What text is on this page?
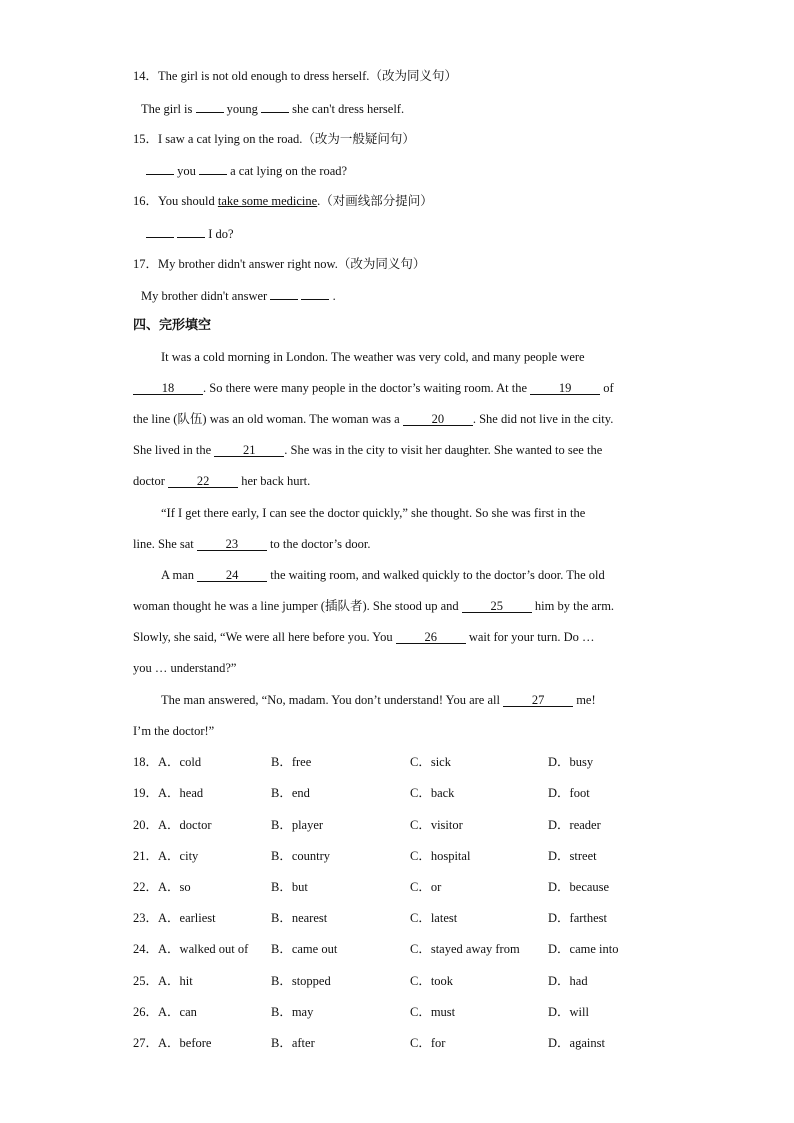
14．The girl is not old enough to dress herself.（改为同义句）
The girl is  young  she can't dress herself.
15．I saw a cat lying on the road.（改为一般疑问句）
you  a cat lying on the road?
16．You should take some medicine.（对画线部分提问）
I do?
17．My brother didn't answer right now.（改为同义句）
My brother didn't answer	.
四、完形填空
It was a cold morning in London. The weather was very cold, and many people were
18 . So there were many people in the doctor’s waiting room. At the 19 of
the line (队伍) was an old woman. The woman was a 20 . She did not live in the city.
She lived in the 21 . She was in the city to visit her daughter. She wanted to see the
doctor 22 her back hurt.
“If I get there early, I can see the doctor quickly,” she thought. So she was first in the
line. She sat 23 to the doctor’s door.
A man 24 the waiting room, and walked quickly to the doctor’s door. The old
woman thought he was a line jumper (插队者). She stood up and 25 him by the arm.
Slowly, she said, “We were all here before you. You 26 wait for your turn. Do …
you … understand?”
The man answered, “No, madam. You don’t understand! You are all 27 me!
I’m the doctor!”
18．A．cold	B．free	C．sick	D．busy
19．A．head	B．end	C．back	D．foot
20．A．doctor	B．player	C．visitor	D．reader
21．A．city	B．country	C．hospital	D．street
22．A．so	B．but	C．or	D．because
23．A．earliest	B．nearest	C．latest	D．farthest
24．A．walked out of B．came out	C．stayed away from D．came into
25．A．hit	B．stopped	C．took	D．had
26．A．can	B．may	C．must	D．will
27．A．before	B．after	C．for	D．against
